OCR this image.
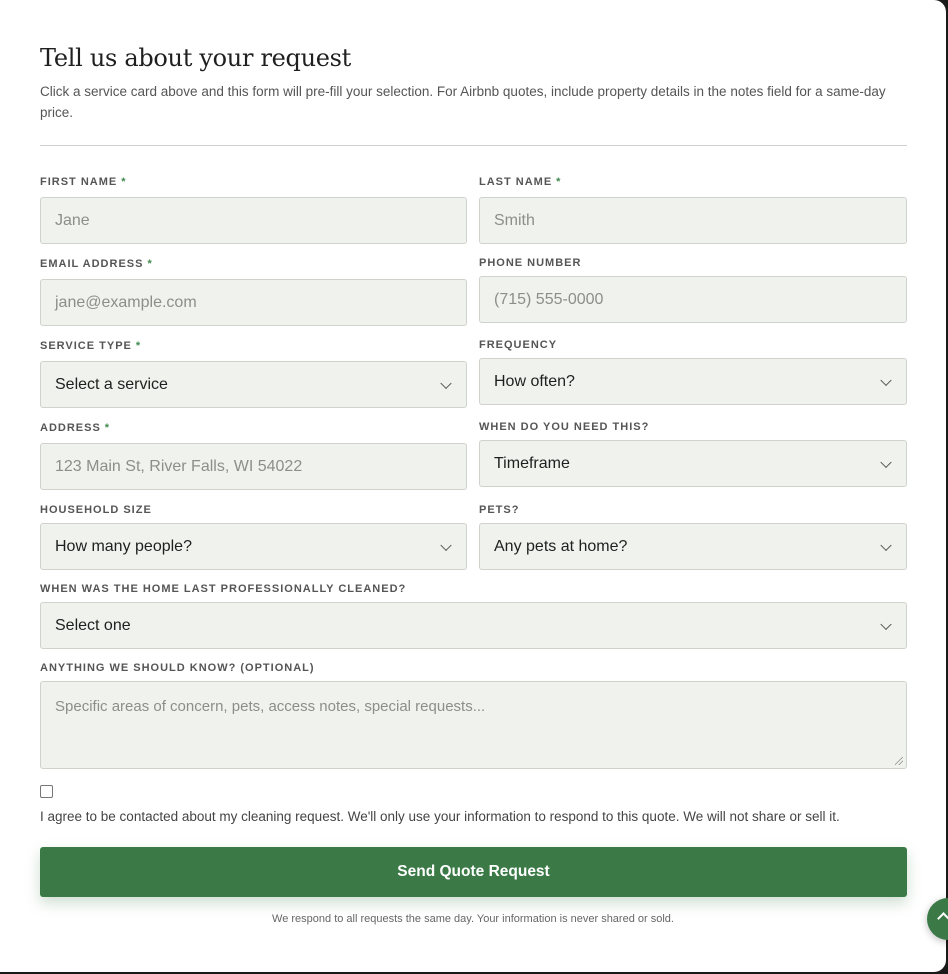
Tell us about your request

Click a service card above and this form will pre-fill your selection. For Airbnb quotes, include property details in the notes field for a same-day price.

FIRST NAME *
Jane
LAST NAME *
Smith
EMAIL ADDRESS *
jane@example.com
PHONE NUMBER
(715) 555-0000
SERVICE TYPE *
Select a service
FREQUENCY
How often?
ADDRESS *
123 Main St, River Falls, WI 54022
WHEN DO YOU NEED THIS?
Timeframe
HOUSEHOLD SIZE
How many people?
PETS?
Any pets at home?
WHEN WAS THE HOME LAST PROFESSIONALLY CLEANED?
Select one
ANYTHING WE SHOULD KNOW? (OPTIONAL)
Specific areas of concern, pets, access notes, special requests...

I agree to be contacted about my cleaning request. We'll only use your information to respond to this quote. We will not share or sell it.

Send Quote Request

We respond to all requests the same day. Your information is never shared or sold.
